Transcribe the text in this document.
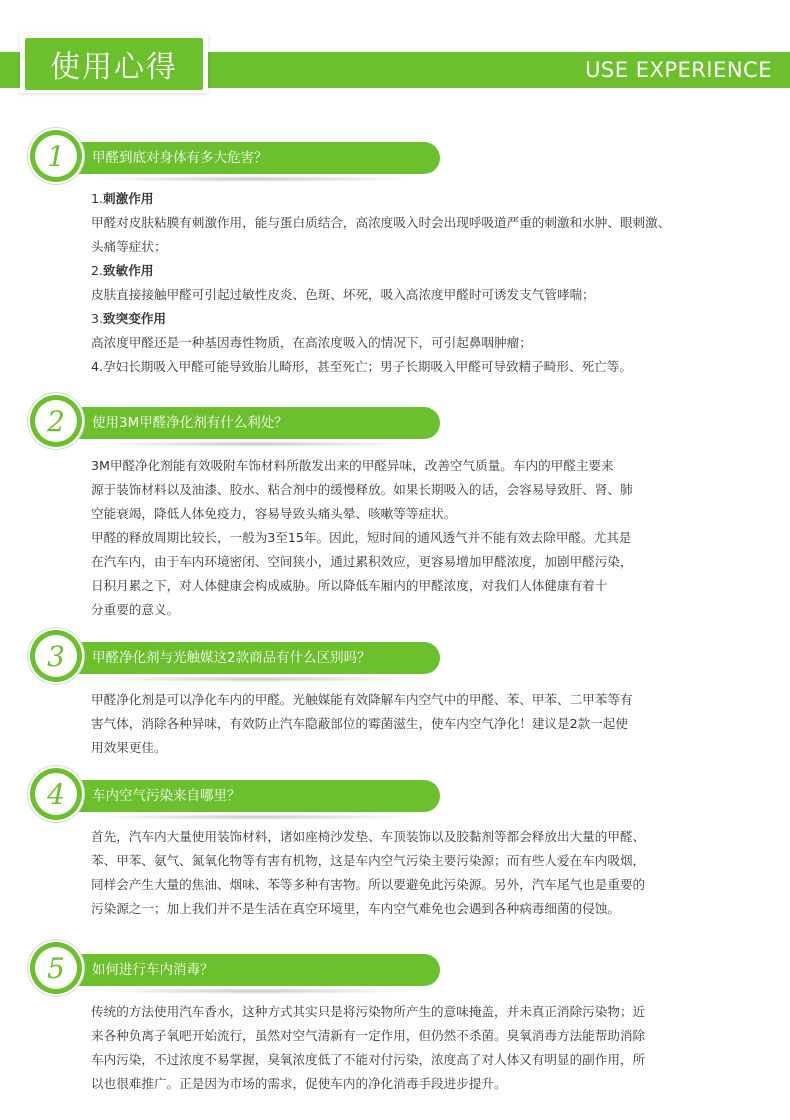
使用心得	USE EXPERIENCE
1 甲醛到底对身体有多大危害？
1.刺激作用
甲醛对皮肤粘膜有刺激作用，能与蛋白质结合，高浓度吸入时会出现呼吸道严重的刺激和水肿、眼刺激、
头痛等症状；
2.致敏作用
皮肤直接接触甲醛可引起过敏性皮炎、色斑、坏死，吸入高浓度甲醛时可诱发支气管哮喘；
3.致突变作用
高浓度甲醛还是一种基因毒性物质，在高浓度吸入的情况下，可引起鼻咽肿瘤；
4.孕妇长期吸入甲醛可能导致胎儿畸形，甚至死亡；男子长期吸入甲醛可导致精子畸形、死亡等。
2 使用3M甲醛净化剂有什么利处？
3M甲醛净化剂能有效吸附车饰材料所散发出来的甲醛异味，改善空气质量。车内的甲醛主要来
源于装饰材料以及油漆、胶水、粘合剂中的缓慢释放。如果长期吸入的话，会容易导致肝、肾、肺
空能衰竭，降低人体免疫力，容易导致头痛头晕、咳嗽等等症状。
甲醛的释放周期比较长，一般为3至15年。因此，短时间的通风透气并不能有效去除甲醛。尤其是
在汽车内，由于车内环境密闭、空间狭小，通过累积效应，更容易增加甲醛浓度，加剧甲醛污染，
日积月累之下，对人体健康会构成威胁。所以降低车厢内的甲醛浓度，对我们人体健康有着十
分重要的意义。
3 甲醛净化剂与光触媒这2款商品有什么区别吗？
甲醛净化剂是可以净化车内的甲醛。光触媒能有效降解车内空气中的甲醛、苯、甲苯、二甲苯等有
害气体，消除各种异味，有效防止汽车隐蔽部位的霉菌滋生，使车内空气净化！建议是2款一起使
用效果更佳。
4 车内空气污染来自哪里？
首先，汽车内大量使用装饰材料，诸如座椅沙发垫、车顶装饰以及胶黏剂等都会释放出大量的甲醛、
苯、甲苯、氨气、氮氧化物等有害有机物，这是车内空气污染主要污染源；而有些人爱在车内吸烟，
同样会产生大量的焦油、烟味、苯等多种有害物。所以要避免此污染源。另外，汽车尾气也是重要的
污染源之一；加上我们并不是生活在真空环境里，车内空气难免也会遇到各种病毒细菌的侵蚀。
5 如何进行车内消毒？
传统的方法使用汽车香水，这种方式其实只是将污染物所产生的意味掩盖，并未真正消除污染物；近
来各种负离子氧吧开始流行，虽然对空气清新有一定作用，但仍然不杀菌。臭氧消毒方法能帮助消除
车内污染，不过浓度不易掌握，臭氧浓度低了不能对付污染，浓度高了对人体又有明显的副作用，所
以也很难推广。正是因为市场的需求，促使车内的净化消毒手段进步提升。
